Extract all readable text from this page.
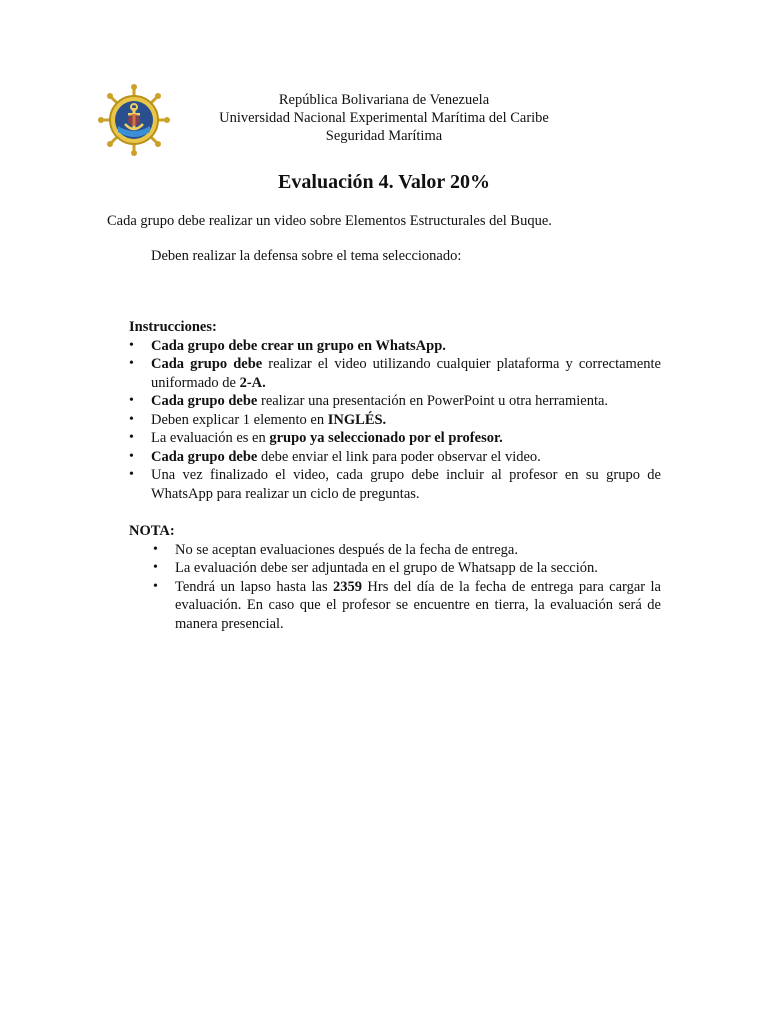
República Bolivariana de Venezuela
Universidad Nacional Experimental Marítima del Caribe
Seguridad Marítima
Evaluación 4. Valor 20%
Cada grupo debe realizar un video sobre Elementos Estructurales del Buque.
Deben realizar la defensa sobre el tema seleccionado:
Instrucciones:
• Cada grupo debe crear un grupo en WhatsApp.
• Cada grupo debe realizar el video utilizando cualquier plataforma y correctamente uniformado de 2-A.
• Cada grupo debe realizar una presentación en PowerPoint u otra herramienta.
• Deben explicar 1 elemento en INGLÉS.
• La evaluación es en grupo ya seleccionado por el profesor.
• Cada grupo debe debe enviar el link para poder observar el video.
• Una vez finalizado el video, cada grupo debe incluir al profesor en su grupo de WhatsApp para realizar un ciclo de preguntas.
NOTA:
• No se aceptan evaluaciones después de la fecha de entrega.
• La evaluación debe ser adjuntada en el grupo de Whatsapp de la sección.
• Tendrá un lapso hasta las 2359 Hrs del día de la fecha de entrega para cargar la evaluación. En caso que el profesor se encuentre en tierra, la evaluación será de manera presencial.
